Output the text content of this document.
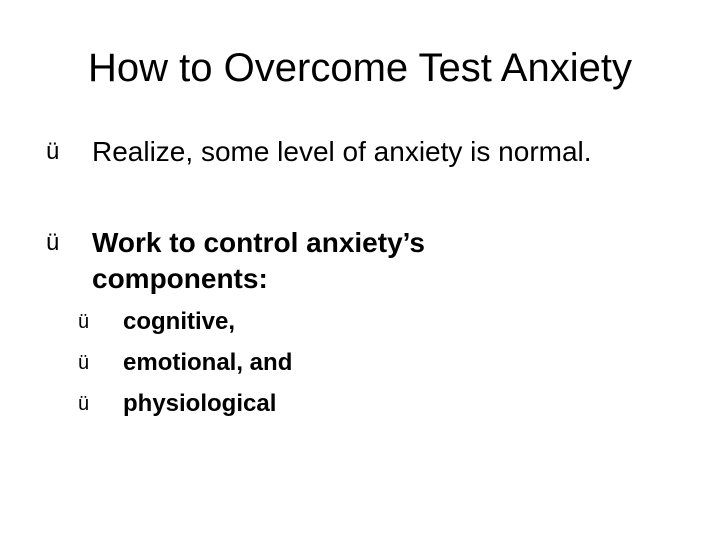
How to Overcome Test Anxiety
ü Realize, some level of anxiety is normal.
ü Work to control anxiety’s
components:
ü cognitive,
ü emotional, and
ü physiological
